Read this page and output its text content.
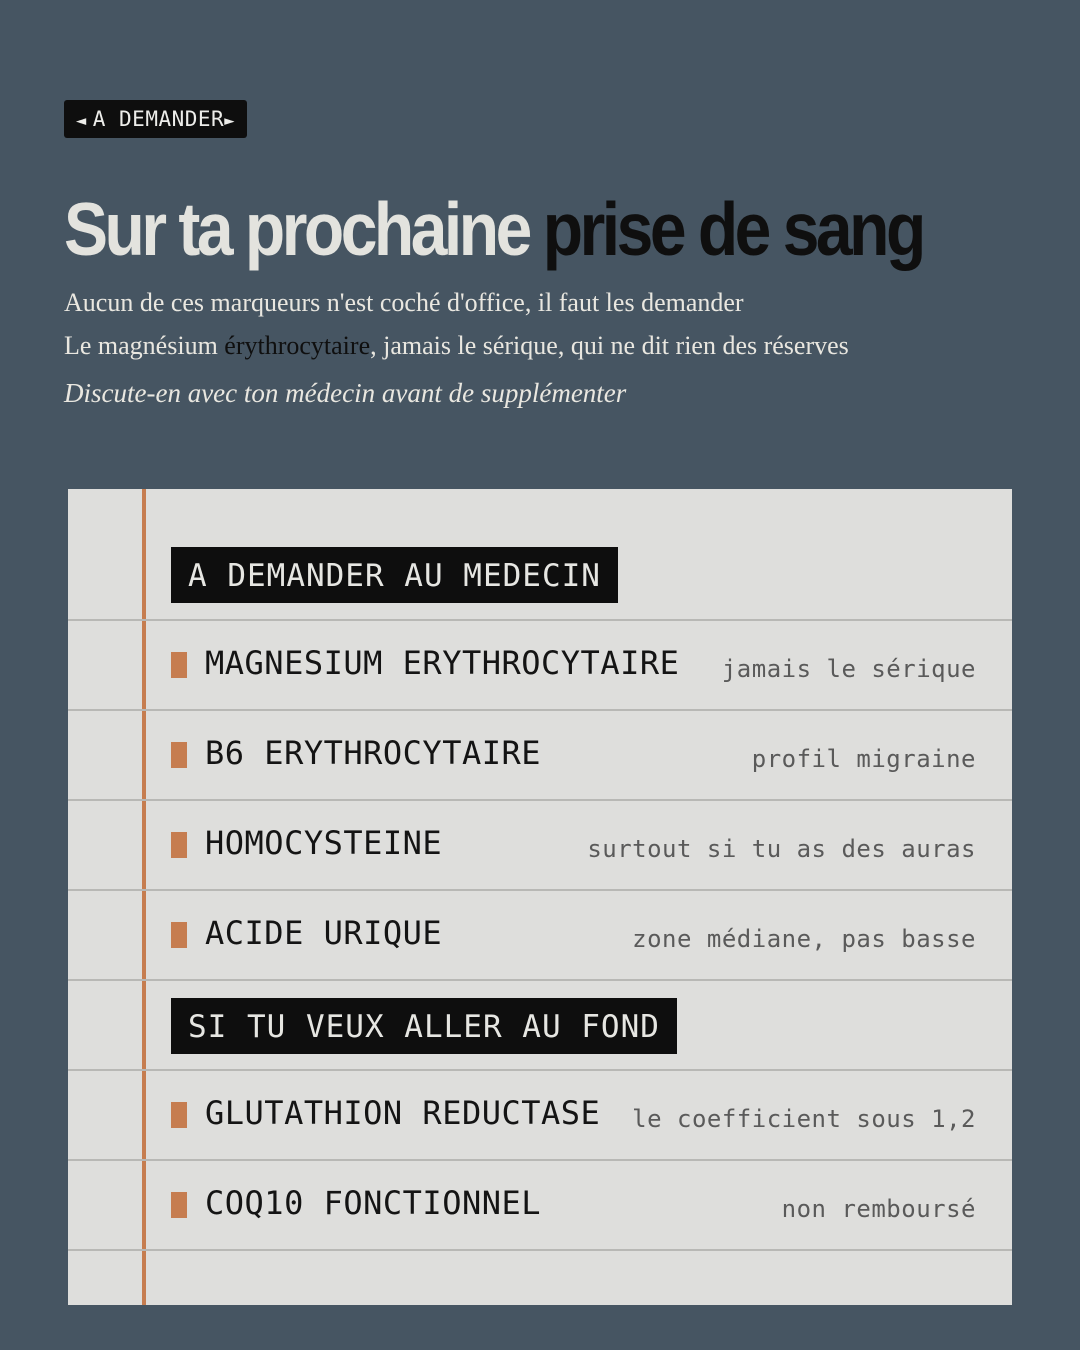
◄ A DEMANDER►
Sur ta prochaine prise de sang

Aucun de ces marqueurs n'est coché d'office, il faut les demander

Le magnésium érythrocytaire, jamais le sérique, qui ne dit rien des réserves

Discute-en avec ton médecin avant de supplémenter

A DEMANDER AU MEDECIN
MAGNESIUM ERYTHROCYTAIRE jamais le sérique
B6 ERYTHROCYTAIRE	profil migraine
HOMOCYSTEINE	surtout si tu as des auras
ACIDE URIQUE	zone médiane, pas basse
SI TU VEUX ALLER AU FOND
GLUTATHION REDUCTASE le coefficient sous 1,2
COQ10 FONCTIONNEL	non remboursé
